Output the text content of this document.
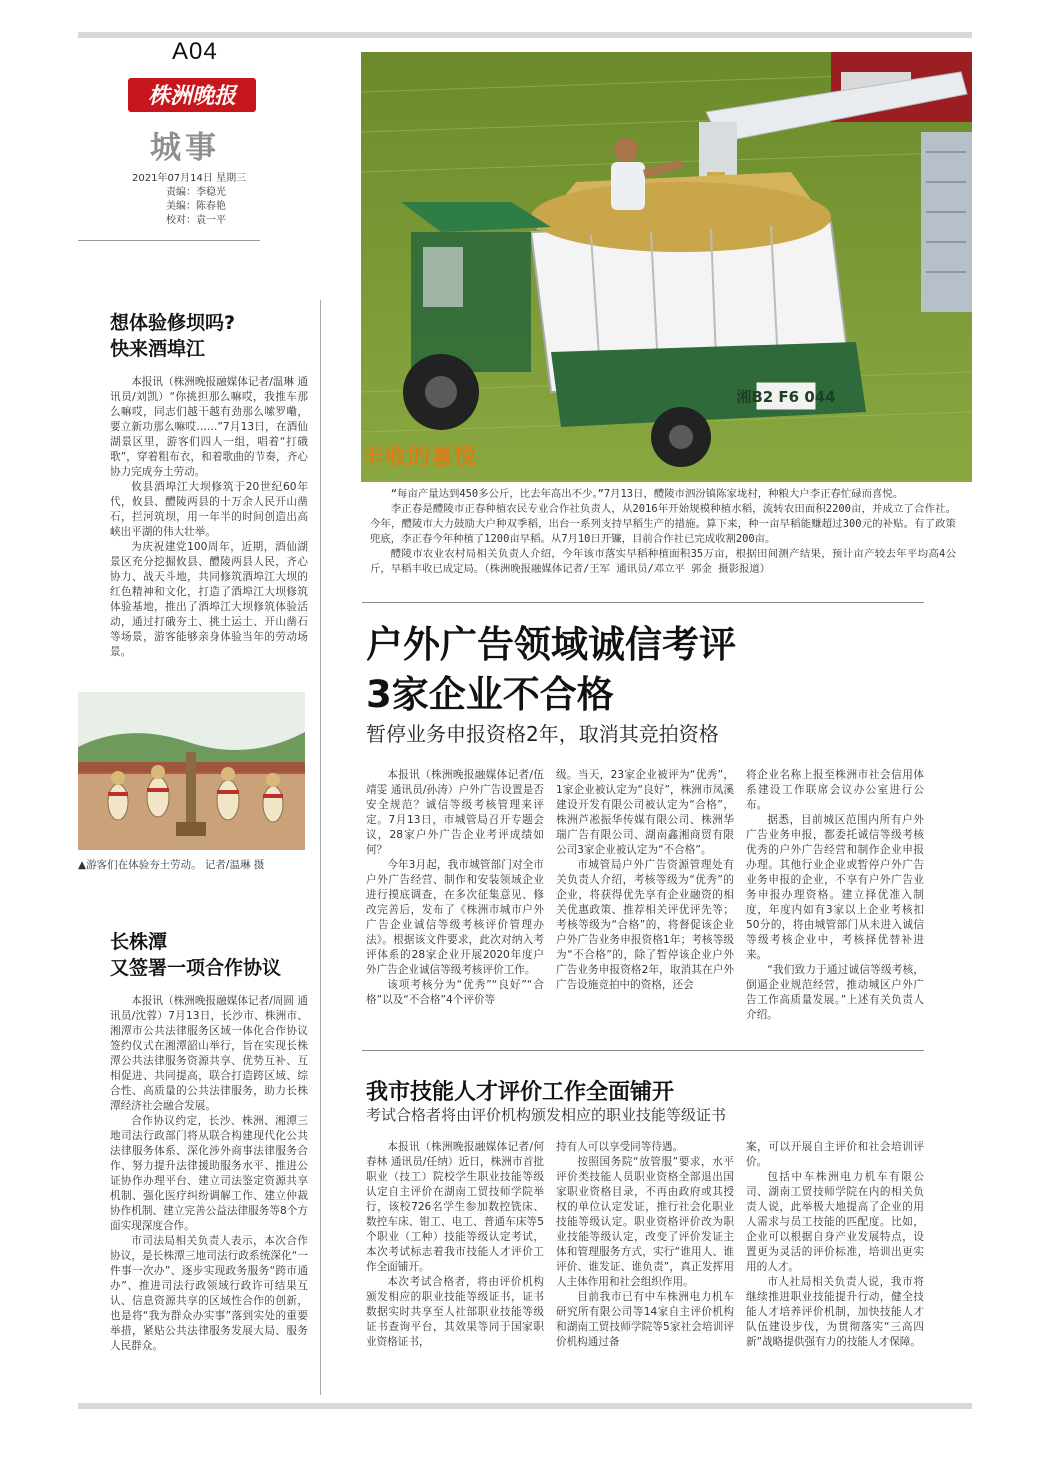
A04
株洲晚报
城事
2021年07月14日 星期三
责编：李稳光
美编：陈春艳
校对：袁一平
想体验修坝吗?
快来酒埠江

本报讯（株洲晚报融媒体记者/温琳 通讯员/刘凯）“你挑担那么嘛哎，我推车那么嘛哎，同志们越干越有劲那么嗦罗嘞，要立新功那么嘛哎……”7月13日，在酒仙湖景区里，游客们四人一组，唱着“打硪歌”，穿着粗布衣，和着歌曲的节奏，齐心协力完成夯土劳动。

攸县酒埠江大坝修筑于20世纪60年代，攸县、醴陵两县的十万余人民开山凿石，拦河筑坝，用一年半的时间创造出高峡出平湖的伟大壮举。

为庆祝建党100周年，近期，酒仙湖景区充分挖掘攸县、醴陵两县人民，齐心协力、战天斗地，共同修筑酒埠江大坝的红色精神和文化，打造了酒埠江大坝修筑体验基地，推出了酒埠江大坝修筑体验活动，通过打硪夯土、挑土运土、开山凿石等场景，游客能够亲身体验当年的劳动场景。

▲游客们在体验夯土劳动。 记者/温琳 摄
长株潭
又签署一项合作协议

本报讯（株洲晚报融媒体记者/周圆 通讯员/沈蓉）7月13日，长沙市、株洲市、湘潭市公共法律服务区域一体化合作协议签约仪式在湘潭韶山举行，旨在实现长株潭公共法律服务资源共享、优势互补、互相促进、共同提高，联合打造跨区域、综合性、高质量的公共法律服务，助力长株潭经济社会融合发展。

合作协议约定，长沙、株洲、湘潭三地司法行政部门将从联合构建现代化公共法律服务体系、深化涉外商事法律服务合作、努力提升法律援助服务水平、推进公证协作办理平台、建立司法鉴定资源共享机制、强化医疗纠纷调解工作、建立仲裁协作机制、建立完善公益法律服务等8个方面实现深度合作。

市司法局相关负责人表示，本次合作协议，是长株潭三地司法行政系统深化“一件事一次办”、逐步实现政务服务“跨市通办”、推进司法行政领域行政许可结果互认、信息资源共享的区域性合作的创新，也是将“我为群众办实事”落到实处的重要举措，紧贴公共法律服务发展大局、服务人民群众。

湘B2 F6 044
丰收的喜悦

“每亩产量达到450多公斤，比去年高出不少。”7月13日，醴陵市泗汾镇陈家垅村，种粮大户李正春忙碌而喜悦。

李正春是醴陵市正春种植农民专业合作社负责人，从2016年开始规模种植水稻，流转农田面积2200亩，并成立了合作社。今年，醴陵市大力鼓励大户种双季稻，出台一系列支持早稻生产的措施。算下来，种一亩早稻能赚超过300元的补贴。有了政策兜底，李正春今年种植了1200亩早稻。从7月10日开镰，目前合作社已完成收割200亩。

醴陵市农业农村局相关负责人介绍，今年该市落实早稻种植面积35万亩，根据田间测产结果，预计亩产较去年平均高4公斤，早稻丰收已成定局。（株洲晚报融媒体记者/王军 通讯员/邓立平 郭金 摄影报道）

户外广告领域诚信考评
3家企业不合格
暂停业务申报资格2年，取消其竞拍资格

本报讯（株洲晚报融媒体记者/伍靖雯 通讯员/孙涛）户外广告设置是否安全规范？诚信等级考核管理来评定。7月13日，市城管局召开专题会议，28家户外广告企业考评成绩如何？

今年3月起，我市城管部门对全市户外广告经营、制作和安装领域企业进行摸底调查，在多次征集意见、修改完善后，发布了《株洲市城市户外广告企业诚信等级考核评价管理办法》。根据该文件要求，此次对纳入考评体系的28家企业开展2020年度户外广告企业诚信等级考核评价工作。

该项考核分为“优秀”“良好”“合格”以及“不合格”4个评价等

级。当天，23家企业被评为“优秀”，1家企业被认定为“良好”，株洲市凤溪建设开发有限公司被认定为“合格”，株洲芦凇振华传媒有限公司、株洲华瑞广告有限公司、湖南鑫湘商贸有限公司3家企业被认定为“不合格”。

市城管局户外广告资源管理处有关负责人介绍，考核等级为“优秀”的企业，将获得优先享有企业融资的相关优惠政策、推荐相关评优评先等；考核等级为“合格”的，将督促该企业户外广告业务申报资格1年；考核等级为“不合格”的，除了暂停该企业户外广告业务申报资格2年，取消其在户外广告设施竞拍中的资格，还会

将企业名称上报至株洲市社会信用体系建设工作联席会议办公室进行公布。

据悉，目前城区范围内所有户外广告业务申报，都委托诚信等级考核优秀的户外广告经营和制作企业申报办理。其他行业企业或暂停户外广告业务申报的企业，不享有户外广告业务申报办理资格。建立择优准入制度，年度内如有3家以上企业考核扣50分的，将由城管部门从未进入诚信等级考核企业中，考核择优替补进来。

“我们致力于通过诚信等级考核，倒逼企业规范经营，推动城区户外广告工作高质量发展。”上述有关负责人介绍。

我市技能人才评价工作全面铺开
考试合格者将由评价机构颁发相应的职业技能等级证书

本报讯（株洲晚报融媒体记者/何春林 通讯员/任纳）近日，株洲市首批职业（技工）院校学生职业技能等级认定自主评价在湖南工贸技师学院举行，该校726名学生参加数控铣床、数控车床、钳工、电工、普通车床等5个职业（工种）技能等级认定考试，本次考试标志着我市技能人才评价工作全面铺开。

本次考试合格者，将由评价机构颁发相应的职业技能等级证书，证书数据实时共享至人社部职业技能等级证书查询平台，其效果等同于国家职业资格证书，

持有人可以享受同等待遇。

按照国务院“放管服”要求，水平评价类技能人员职业资格全部退出国家职业资格目录，不再由政府或其授权的单位认定发证，推行社会化职业技能等级认定。职业资格评价改为职业技能等级认定，改变了评价发证主体和管理服务方式，实行“谁用人、谁评价、谁发证、谁负责”，真正发挥用人主体作用和社会组织作用。

目前我市已有中车株洲电力机车研究所有限公司等14家自主评价机构和湖南工贸技师学院等5家社会培训评价机构通过备

案，可以开展自主评价和社会培训评价。

包括中车株洲电力机车有限公司、湖南工贸技师学院在内的相关负责人说，此举极大地提高了企业的用人需求与员工技能的匹配度。比如，企业可以根据自身产业发展特点，设置更为灵活的评价标准，培训出更实用的人才。

市人社局相关负责人说，我市将继续推进职业技能提升行动，健全技能人才培养评价机制，加快技能人才队伍建设步伐，为贯彻落实“三高四新”战略提供强有力的技能人才保障。
